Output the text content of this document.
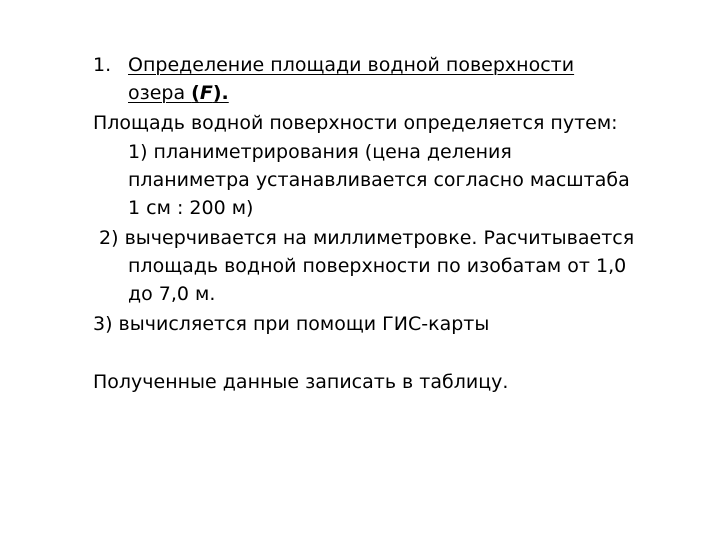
1. Определение площади водной поверхности
озера (F).
Площадь водной поверхности определяется путем:
1) планиметрирования (цена деления
планиметра устанавливается согласно масштаба
1 см : 200 м)
2) вычерчивается на миллиметровке. Расчитывается
площадь водной поверхности по изобатам от 1,0
до 7,0 м.
3) вычисляется при помощи ГИС-карты
Полученные данные записать в таблицу.
